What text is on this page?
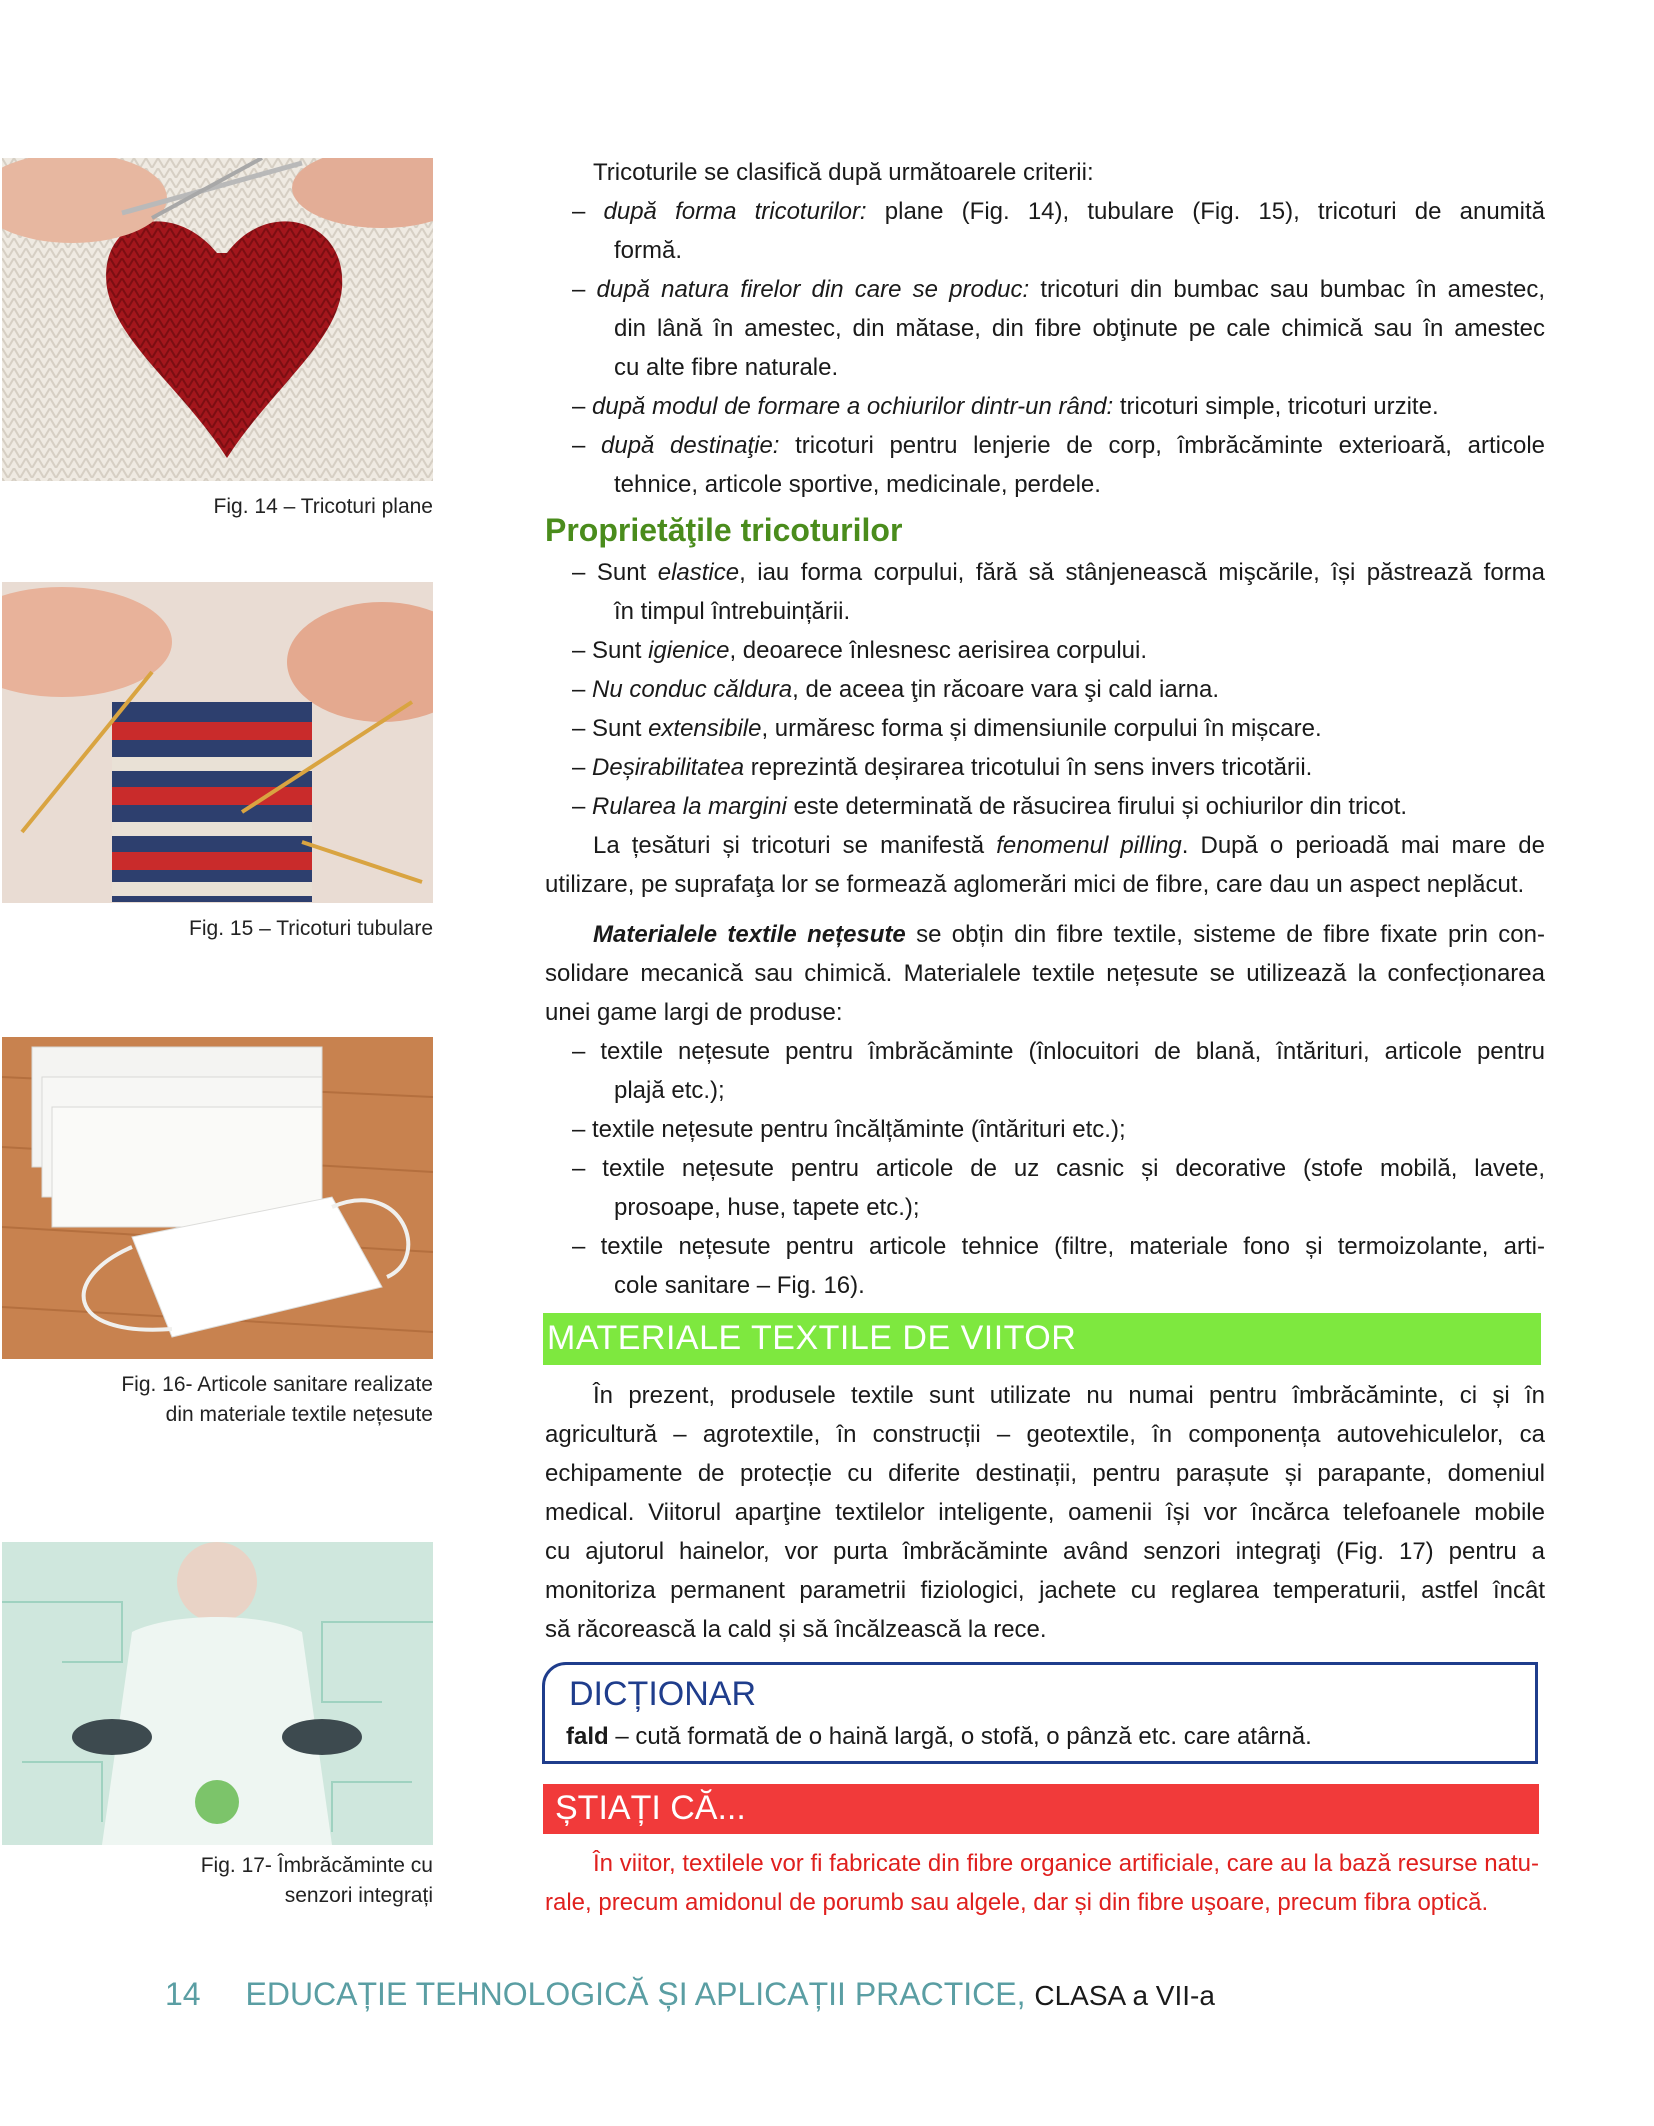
Fig. 14 – Tricoturi plane
Fig. 15 – Tricoturi tubulare
Fig. 16- Articole sanitare realizate
din materiale textile nețesute
Fig. 17- Îmbrăcăminte cu
senzori integrați
Tricoturile se clasifică după următoarele criterii:
– după forma tricoturilor: plane (Fig. 14), tubulare (Fig. 15), tricoturi de anumită
formă.
– după natura firelor din care se produc: tricoturi din bumbac sau bumbac în amestec,
din lână în amestec, din mătase, din fibre obţinute pe cale chimică sau în amestec
cu alte fibre naturale.
– după modul de formare a ochiurilor dintr-un rând: tricoturi simple, tricoturi urzite.
– după destinaţie: tricoturi pentru lenjerie de corp, îmbrăcăminte exterioară, articole
tehnice, articole sportive, medicinale, perdele.
Proprietăţile tricoturilor
– Sunt elastice, iau forma corpului, fără să stânjenească mişcările, își păstrează forma
în timpul întrebuințării.
– Sunt igienice, deoarece înlesnesc aerisirea corpului.
– Nu conduc căldura, de aceea ţin răcoare vara şi cald iarna.
– Sunt extensibile, urmăresc forma și dimensiunile corpului în mișcare.
– Deșirabilitatea reprezintă deșirarea tricotului în sens invers tricotării.
– Rularea la margini este determinată de răsucirea firului și ochiurilor din tricot.
La țesături și tricoturi se manifestă fenomenul pilling. După o perioadă mai mare de
utilizare, pe suprafaţa lor se formează aglomerări mici de fibre, care dau un aspect neplăcut.
Materialele textile nețesute se obțin din fibre textile, sisteme de fibre fixate prin con-
solidare mecanică sau chimică. Materialele textile nețesute se utilizează la confecționarea
unei game largi de produse:
– textile nețesute pentru îmbrăcăminte (înlocuitori de blană, întărituri, articole pentru
plajă etc.);
– textile nețesute pentru încălțăminte (întărituri etc.);
– textile nețesute pentru articole de uz casnic și decorative (stofe mobilă, lavete,
prosoape, huse, tapete etc.);
– textile nețesute pentru articole tehnice (filtre, materiale fono și termoizolante, arti-
cole sanitare – Fig. 16).
MATERIALE TEXTILE DE VIITOR
În prezent, produsele textile sunt utilizate nu numai pentru îmbrăcăminte, ci și în
agricultură – agrotextile, în construcții – geotextile, în componența autovehiculelor, ca
echipamente de protecție cu diferite destinații, pentru parașute și parapante, domeniul
medical. Viitorul aparţine textilelor inteligente, oamenii își vor încărca telefoanele mobile
cu ajutorul hainelor, vor purta îmbrăcăminte având senzori integraţi (Fig. 17) pentru a
monitoriza permanent parametrii fiziologici, jachete cu reglarea temperaturii, astfel încât
să răcorească la cald și să încălzească la rece.
DICȚIONAR
fald – cută formată de o haină largă, o stofă, o pânză etc. care atârnă.
ȘTIAȚI CĂ...
În viitor, textilele vor fi fabricate din fibre organice artificiale, care au la bază resurse natu-
rale, precum amidonul de porumb sau algele, dar și din fibre uşoare, precum fibra optică.
14 EDUCAȚIE TEHNOLOGICĂ ȘI APLICAȚII PRACTICE, CLASA a VII-a
